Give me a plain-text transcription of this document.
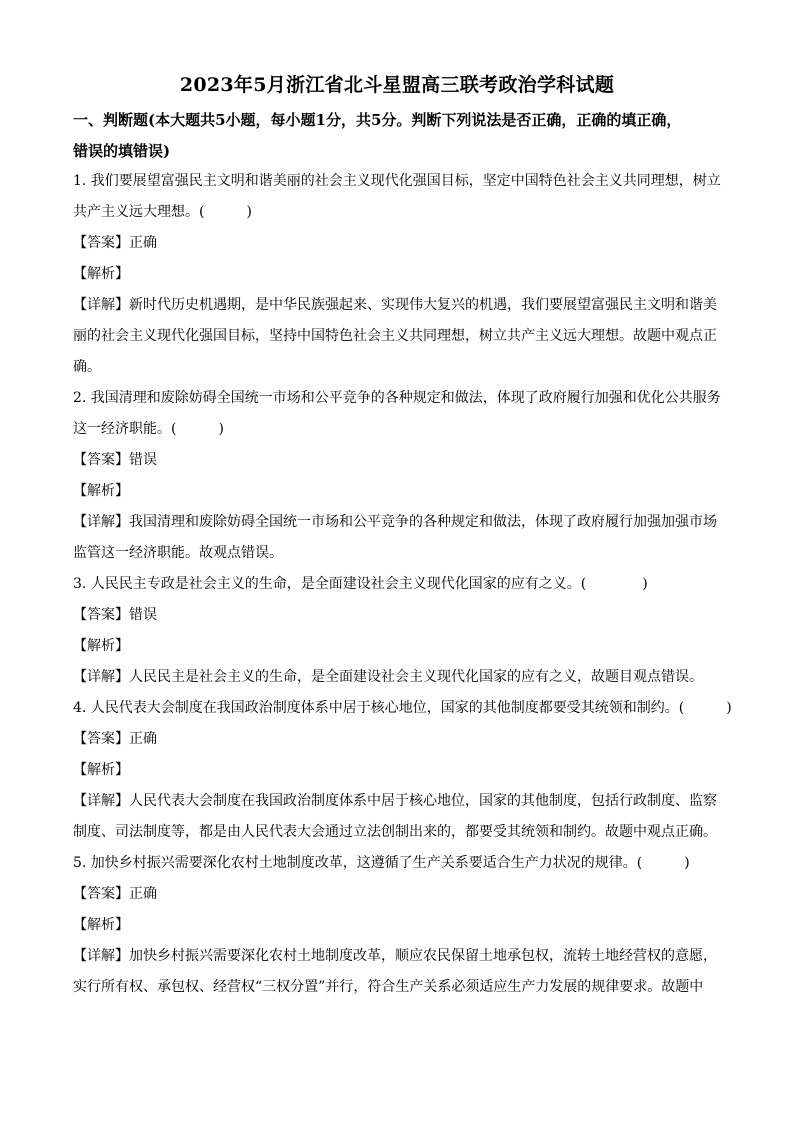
2023年5月浙江省北斗星盟高三联考政治学科试题
一、判断题(本大题共5小题，每小题1分，共5分。判断下列说法是否正确，正确的填正确，
错误的填错误)
1. 我们要展望富强民主文明和谐美丽的社会主义现代化强国目标，坚定中国特色社会主义共同理想，树立
共产主义远大理想。(　　　)
【答案】正确
【解析】
【详解】新时代历史机遇期，是中华民族强起来、实现伟大复兴的机遇，我们要展望富强民主文明和谐美
丽的社会主义现代化强国目标，坚持中国特色社会主义共同理想，树立共产主义远大理想。故题中观点正
确。
2. 我国清理和废除妨碍全国统一市场和公平竞争的各种规定和做法，体现了政府履行加强和优化公共服务
这一经济职能。(　　　)
【答案】错误
【解析】
【详解】我国清理和废除妨碍全国统一市场和公平竞争的各种规定和做法，体现了政府履行加强加强市场
监管这一经济职能。故观点错误。
3. 人民民主专政是社会主义的生命，是全面建设社会主义现代化国家的应有之义。(　　　　)
【答案】错误
【解析】
【详解】人民民主是社会主义的生命，是全面建设社会主义现代化国家的应有之义，故题目观点错误。
4. 人民代表大会制度在我国政治制度体系中居于核心地位，国家的其他制度都要受其统领和制约。(　　　)
【答案】正确
【解析】
【详解】人民代表大会制度在我国政治制度体系中居于核心地位，国家的其他制度，包括行政制度、监察
制度、司法制度等，都是由人民代表大会通过立法创制出来的，都要受其统领和制约。故题中观点正确。
5. 加快乡村振兴需要深化农村土地制度改革，这遵循了生产关系要适合生产力状况的规律。(　　　)
【答案】正确
【解析】
【详解】加快乡村振兴需要深化农村土地制度改革，顺应农民保留土地承包权，流转土地经营权的意愿，
实行所有权、承包权、经营权“三权分置”并行，符合生产关系必须适应生产力发展的规律要求。故题中
